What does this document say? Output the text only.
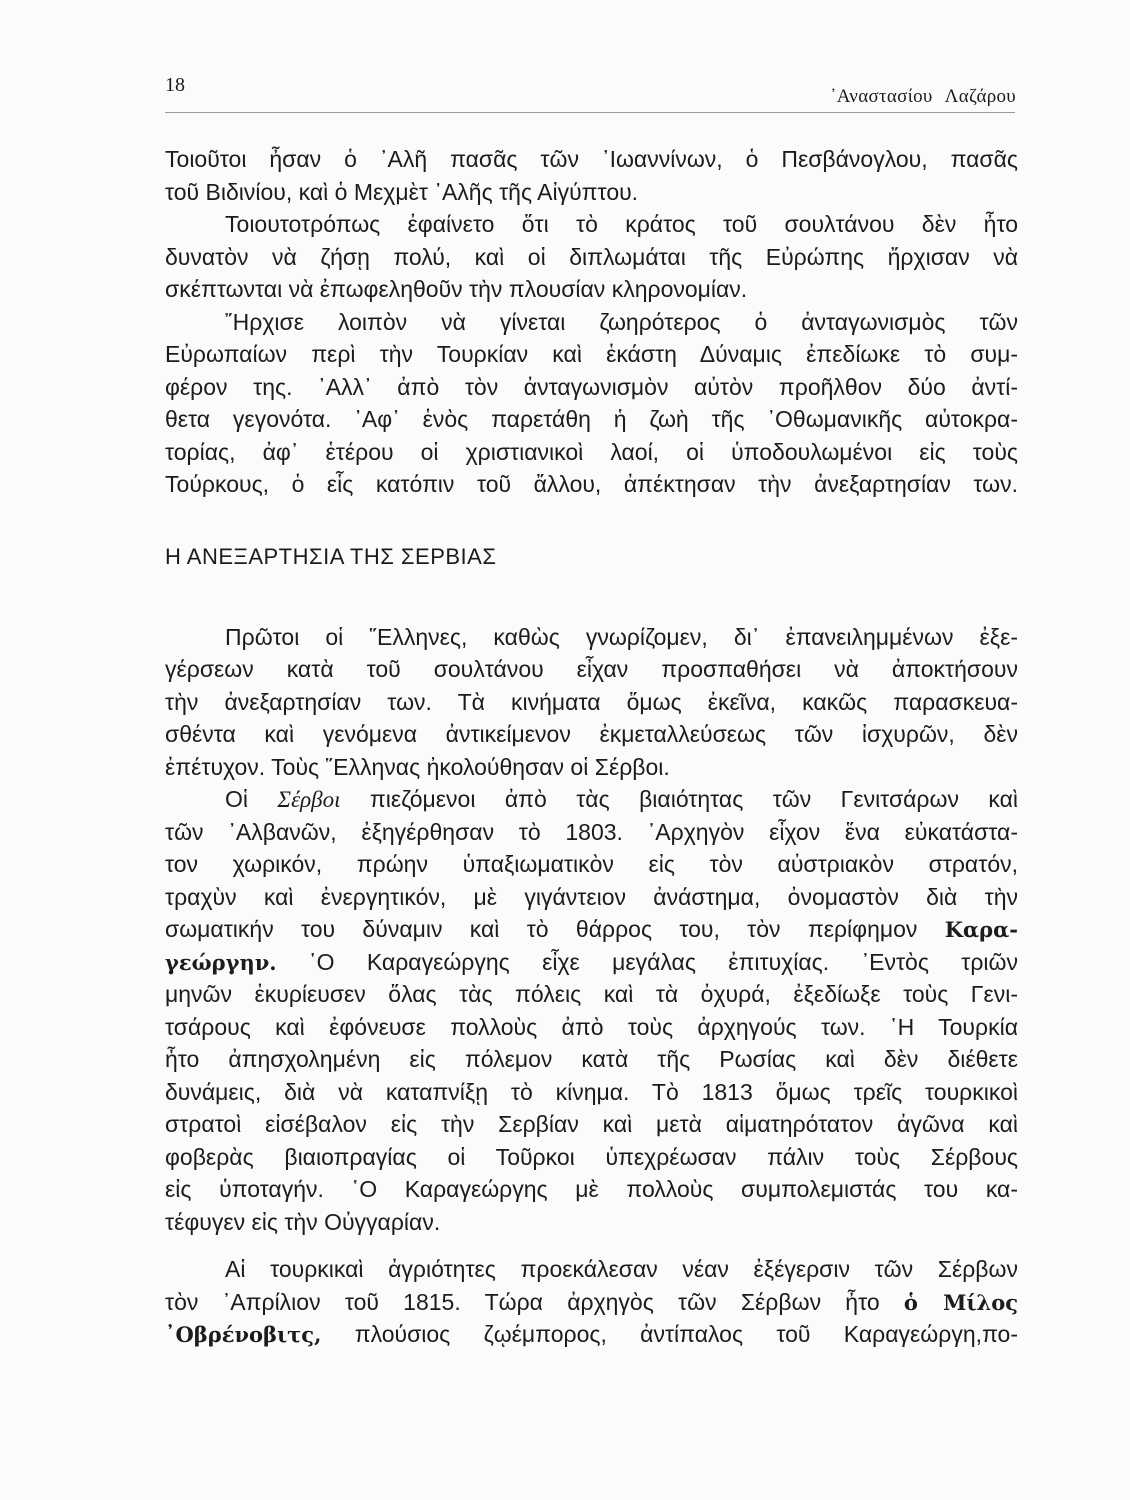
18
᾿Αναστασίου Λαζάρου
Τοιοῦτοι ἦσαν ὁ ᾿Αλῆ πασᾶς τῶν ᾿Ιωαννίνων, ὁ Πεσβάνογλου, πασᾶς
τοῦ Βιδινίου, καὶ ὁ Μεχμὲτ ᾿Αλῆς τῆς Αἰγύπτου.
Τοιουτοτρόπως ἐφαίνετο ὅτι τὸ κράτος τοῦ σουλτάνου δὲν ἦτο
δυνατὸν νὰ ζήσῃ πολύ, καὶ οἱ διπλωμάται τῆς Εὐρώπης ἤρχισαν νὰ
σκέπτωνται νὰ ἐπωφεληθοῦν τὴν πλουσίαν κληρονομίαν.
῎Ηρχισε λοιπὸν νὰ γίνεται ζωηρότερος ὁ ἀνταγωνισμὸς τῶν
Εὐρωπαίων περὶ τὴν Τουρκίαν καὶ ἑκάστη Δύναμις ἐπεδίωκε τὸ συμ-
φέρον της. ᾿Αλλ᾿ ἀπὸ τὸν ἀνταγωνισμὸν αὐτὸν προῆλθον δύο ἀντί-
θετα γεγονότα. ᾿Αφ᾿ ἑνὸς παρετάθη ἡ ζωὴ τῆς ᾿Οθωμανικῆς αὐτοκρα-
τορίας, ἀφ᾿ ἑτέρου οἱ χριστιανικοὶ λαοί, οἱ ὑποδουλωμένοι εἰς τοὺς
Τούρκους, ὁ εἷς κατόπιν τοῦ ἄλλου, ἀπέκτησαν τὴν ἀνεξαρτησίαν των.
Η ΑΝΕΞΑΡΤΗΣΙΑ ΤΗΣ ΣΕΡΒΙΑΣ
Πρῶτοι οἱ ῞Ελληνες, καθὼς γνωρίζομεν, δι᾿ ἐπανειλημμένων ἐξε-
γέρσεων κατὰ τοῦ σουλτάνου εἶχαν προσπαθήσει νὰ ἀποκτήσουν
τὴν ἀνεξαρτησίαν των. Τὰ κινήματα ὅμως ἐκεῖνα, κακῶς παρασκευα-
σθέντα καὶ γενόμενα ἀντικείμενον ἐκμεταλλεύσεως τῶν ἰσχυρῶν, δὲν
ἐπέτυχον. Τοὺς ῞Ελληνας ἠκολούθησαν οἱ Σέρβοι.
Οἱ Σέρβοι πιεζόμενοι ἀπὸ τὰς βιαιότητας τῶν Γενιτσάρων καὶ
τῶν ᾿Αλβανῶν, ἐξηγέρθησαν τὸ 1803. ᾿Αρχηγὸν εἶχον ἕνα εὐκατάστα-
τον χωρικόν, πρώην ὑπαξιωματικὸν εἰς τὸν αὐστριακὸν στρατόν,
τραχὺν καὶ ἐνεργητικόν, μὲ γιγάντειον ἀνάστημα, ὀνομαστὸν διὰ τὴν
σωματικήν του δύναμιν καὶ τὸ θάρρος του, τὸν περίφημον Καρα-
γεώργην. ῾Ο Καραγεώργης εἶχε μεγάλας ἐπιτυχίας. ᾿Εντὸς τριῶν
μηνῶν ἐκυρίευσεν ὅλας τὰς πόλεις καὶ τὰ ὀχυρά, ἐξεδίωξε τοὺς Γενι-
τσάρους καὶ ἐφόνευσε πολλοὺς ἀπὸ τοὺς ἀρχηγούς των. ῾Η Τουρκία
ἦτο ἀπησχολημένη εἰς πόλεμον κατὰ τῆς Ρωσίας καὶ δὲν διέθετε
δυνάμεις, διὰ νὰ καταπνίξῃ τὸ κίνημα. Τὸ 1813 ὅμως τρεῖς τουρκικοὶ
στρατοὶ εἰσέβαλον εἰς τὴν Σερβίαν καὶ μετὰ αἱματηρότατον ἀγῶνα καὶ
φοβερὰς βιαιοπραγίας οἱ Τοῦρκοι ὑπεχρέωσαν πάλιν τοὺς Σέρβους
εἰς ὑποταγήν. ῾Ο Καραγεώργης μὲ πολλοὺς συμπολεμιστάς του κα-
τέφυγεν εἰς τὴν Οὐγγαρίαν.
Αἱ τουρκικαὶ ἀγριότητες προεκάλεσαν νέαν ἐξέγερσιν τῶν Σέρβων
τὸν ᾿Απρίλιον τοῦ 1815. Τώρα ἀρχηγὸς τῶν Σέρβων ἦτο ὁ Μίλος
᾿Οβρένοβιτς, πλούσιος ζῳέμπορος, ἀντίπαλος τοῦ Καραγεώργη,πο-
